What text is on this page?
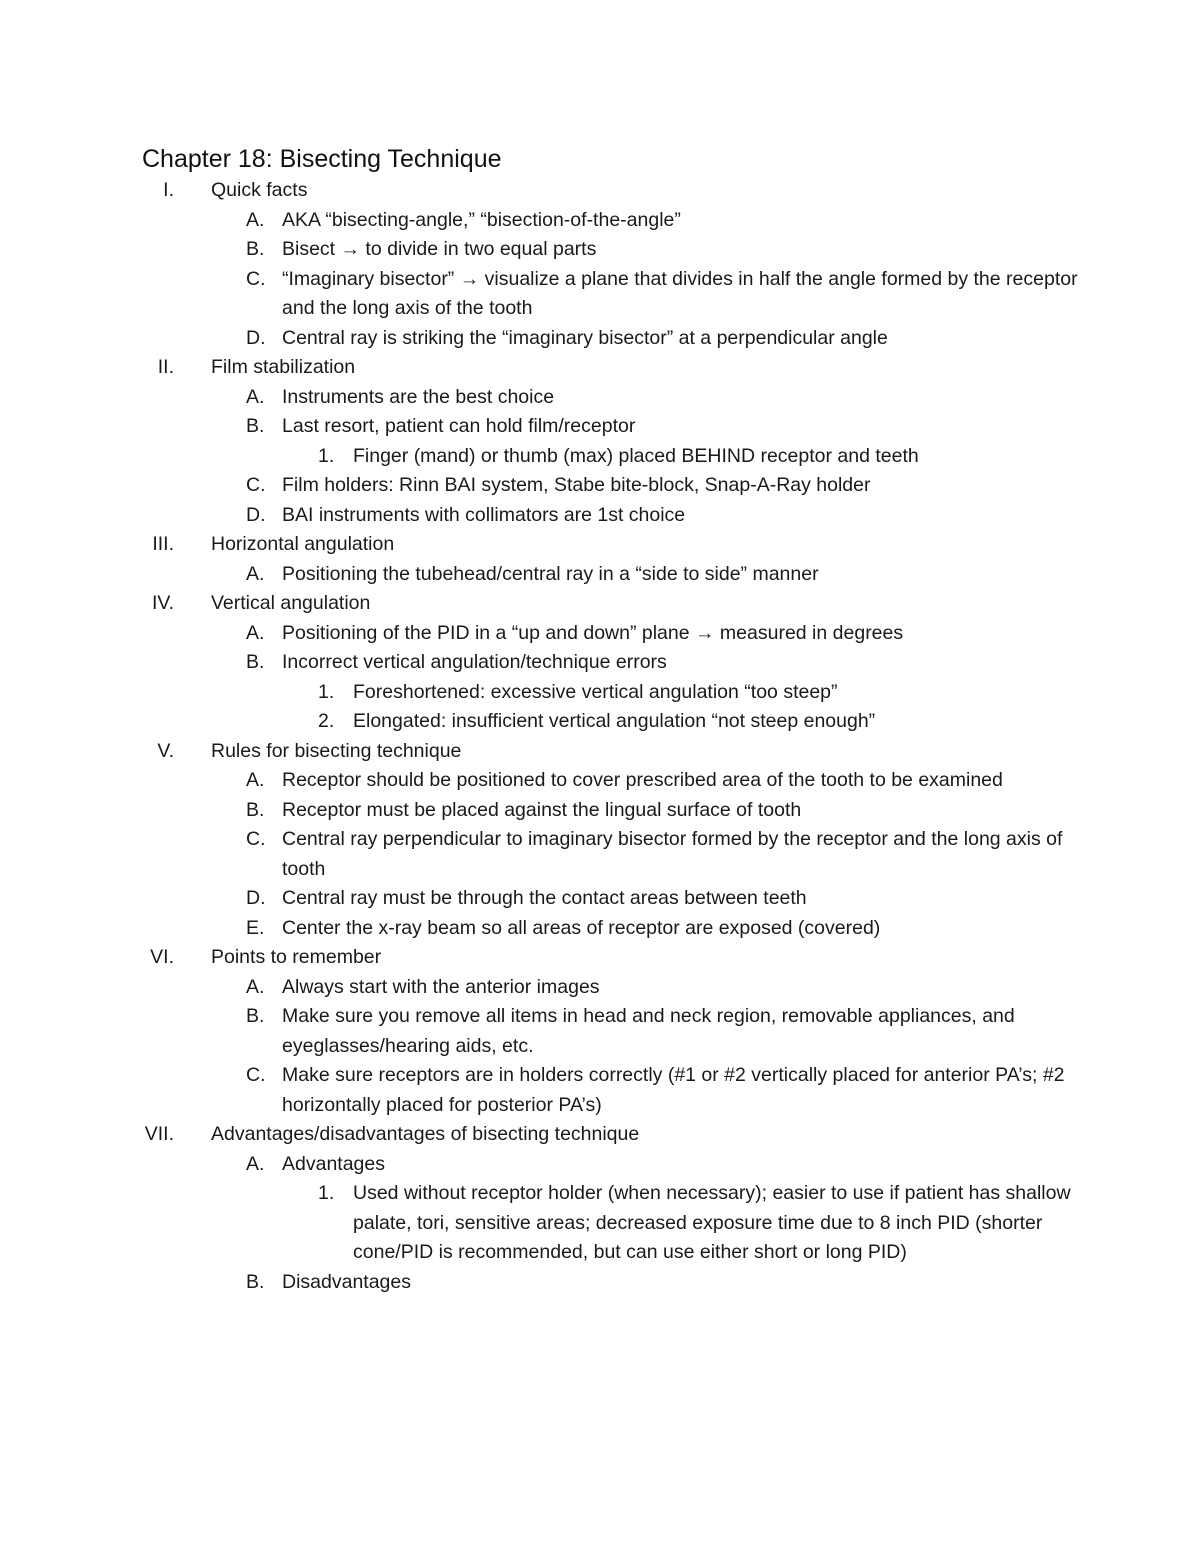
Chapter 18: Bisecting Technique
I. Quick facts
A. AKA “bisecting-angle,” “bisection-of-the-angle”
B. Bisect → to divide in two equal parts
C. “Imaginary bisector” → visualize a plane that divides in half the angle formed by the receptor and the long axis of the tooth
D. Central ray is striking the “imaginary bisector” at a perpendicular angle
II. Film stabilization
A. Instruments are the best choice
B. Last resort, patient can hold film/receptor
1. Finger (mand) or thumb (max) placed BEHIND receptor and teeth
C. Film holders: Rinn BAI system, Stabe bite-block, Snap-A-Ray holder
D. BAI instruments with collimators are 1st choice
III. Horizontal angulation
A. Positioning the tubehead/central ray in a “side to side” manner
IV. Vertical angulation
A. Positioning of the PID in a “up and down” plane → measured in degrees
B. Incorrect vertical angulation/technique errors
1. Foreshortened: excessive vertical angulation “too steep”
2. Elongated: insufficient vertical angulation “not steep enough”
V. Rules for bisecting technique
A. Receptor should be positioned to cover prescribed area of the tooth to be examined
B. Receptor must be placed against the lingual surface of tooth
C. Central ray perpendicular to imaginary bisector formed by the receptor and the long axis of tooth
D. Central ray must be through the contact areas between teeth
E. Center the x-ray beam so all areas of receptor are exposed (covered)
VI. Points to remember
A. Always start with the anterior images
B. Make sure you remove all items in head and neck region, removable appliances, and eyeglasses/hearing aids, etc.
C. Make sure receptors are in holders correctly (#1 or #2 vertically placed for anterior PA’s; #2 horizontally placed for posterior PA’s)
VII. Advantages/disadvantages of bisecting technique
A. Advantages
1. Used without receptor holder (when necessary); easier to use if patient has shallow palate, tori, sensitive areas; decreased exposure time due to 8 inch PID (shorter cone/PID is recommended, but can use either short or long PID)
B. Disadvantages
